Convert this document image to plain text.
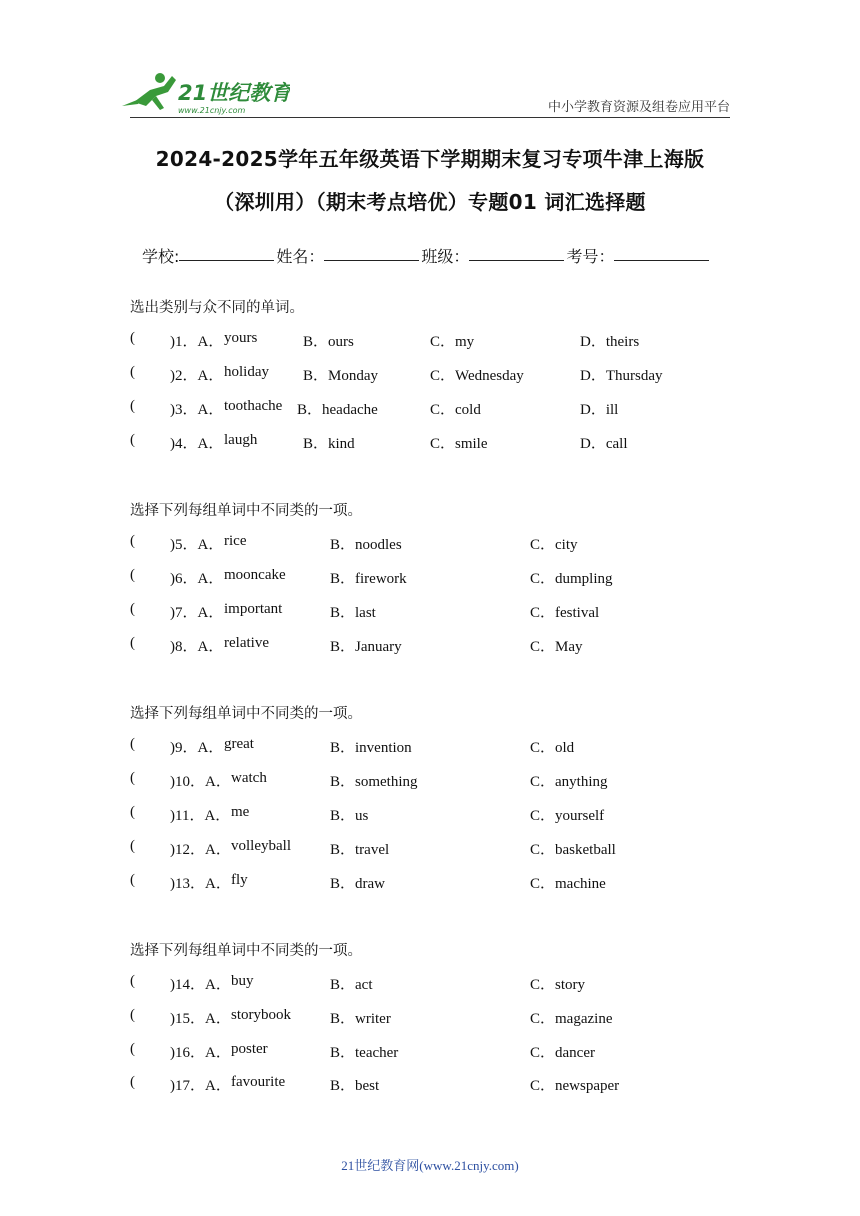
21世纪教育
www.21cnjy.com	中小学教育资源及组卷应用平台
2024-2025学年五年级英语下学期期末复习专项牛津上海版
（深圳用）（期末考点培优）专题01 词汇选择题
学校:	姓名：	班级：	考号：
选出类别与众不同的单词。
( )1．A． yours	B．ours	C．my	D．theirs
( )2．A． holiday B．Monday	C．Wednesday	D．Thursday
( )3．A． toothache B．headache	C．cold	D．ill
( )4．A． laugh	B．kind	C．smile	D．call
选择下列每组单词中不同类的一项。
( )5．A． rice	B．noodles	C．city
( )6．A． mooncake	B．firework	C．dumpling
( )7．A． important	B．last	C．festival
( )8．A． relative	B．January	C．May
选择下列每组单词中不同类的一项。
( )9．A． great	B．invention	C．old
( )10．A． watch	B．something	C．anything
( )11．A． me	B．us	C．yourself
( )12．A． volleyball	B．travel	C．basketball
( )13．A． fly	B．draw	C．machine
选择下列每组单词中不同类的一项。
( )14．A． buy	B．act	C．story
( )15．A． storybook	B．writer	C．magazine
( )16．A． poster	B．teacher	C．dancer
( )17．A． favourite	B．best	C．newspaper
21世纪教育网(www.21cnjy.com)
